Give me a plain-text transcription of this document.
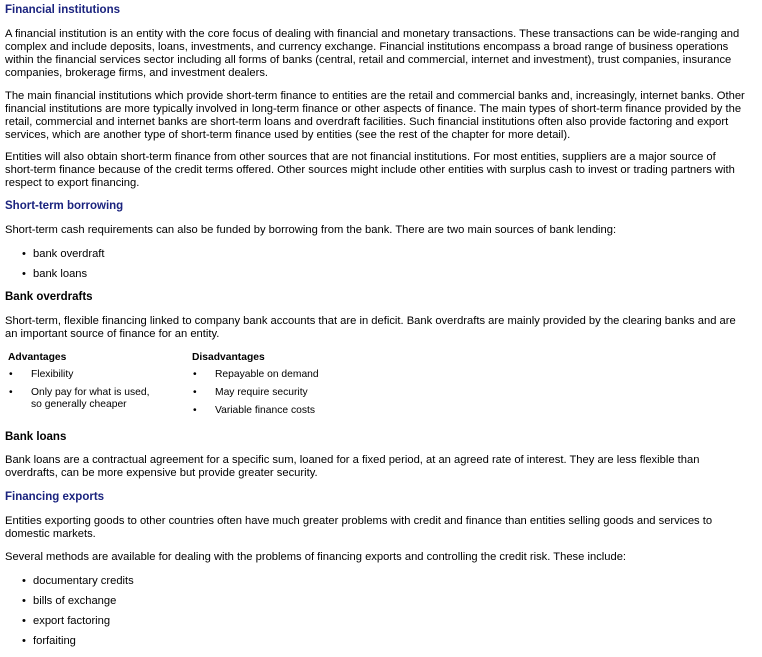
Financial institutions

A financial institution is an entity with the core focus of dealing with financial and monetary transactions. These transactions can be wide-ranging and complex and include deposits, loans, investments, and currency exchange. Financial institutions encompass a broad range of business operations within the financial services sector including all forms of banks (central, retail and commercial, internet and investment), trust companies, insurance companies, brokerage firms, and investment dealers.

The main financial institutions which provide short-term finance to entities are the retail and commercial banks and, increasingly, internet banks. Other financial institutions are more typically involved in long-term finance or other aspects of finance. The main types of short-term finance provided by the retail, commercial and internet banks are short-term loans and overdraft facilities. Such financial institutions often also provide factoring and export services, which are another type of short-term finance used by entities (see the rest of the chapter for more detail).

Entities will also obtain short-term finance from other sources that are not financial institutions. For most entities, suppliers are a major source of short-term finance because of the credit terms offered. Other sources might include other entities with surplus cash to invest or trading partners with respect to export financing.

Short-term borrowing

Short-term cash requirements can also be funded by borrowing from the bank. There are two main sources of bank lending:

• bank overdraft
• bank loans
Bank overdrafts

Short-term, flexible financing linked to company bank accounts that are in deficit. Bank overdrafts are mainly provided by the clearing banks and are an important source of finance for an entity.

Advantages
• Flexibility
• Only pay for what is used, so generally cheaper
Disadvantages
• Repayable on demand
• May require security
• Variable finance costs
Bank loans

Bank loans are a contractual agreement for a specific sum, loaned for a fixed period, at an agreed rate of interest. They are less flexible than overdrafts, can be more expensive but provide greater security.

Financing exports

Entities exporting goods to other countries often have much greater problems with credit and finance than entities selling goods and services to domestic markets.

Several methods are available for dealing with the problems of financing exports and controlling the credit risk. These include:

• documentary credits
• bills of exchange
• export factoring
• forfaiting
